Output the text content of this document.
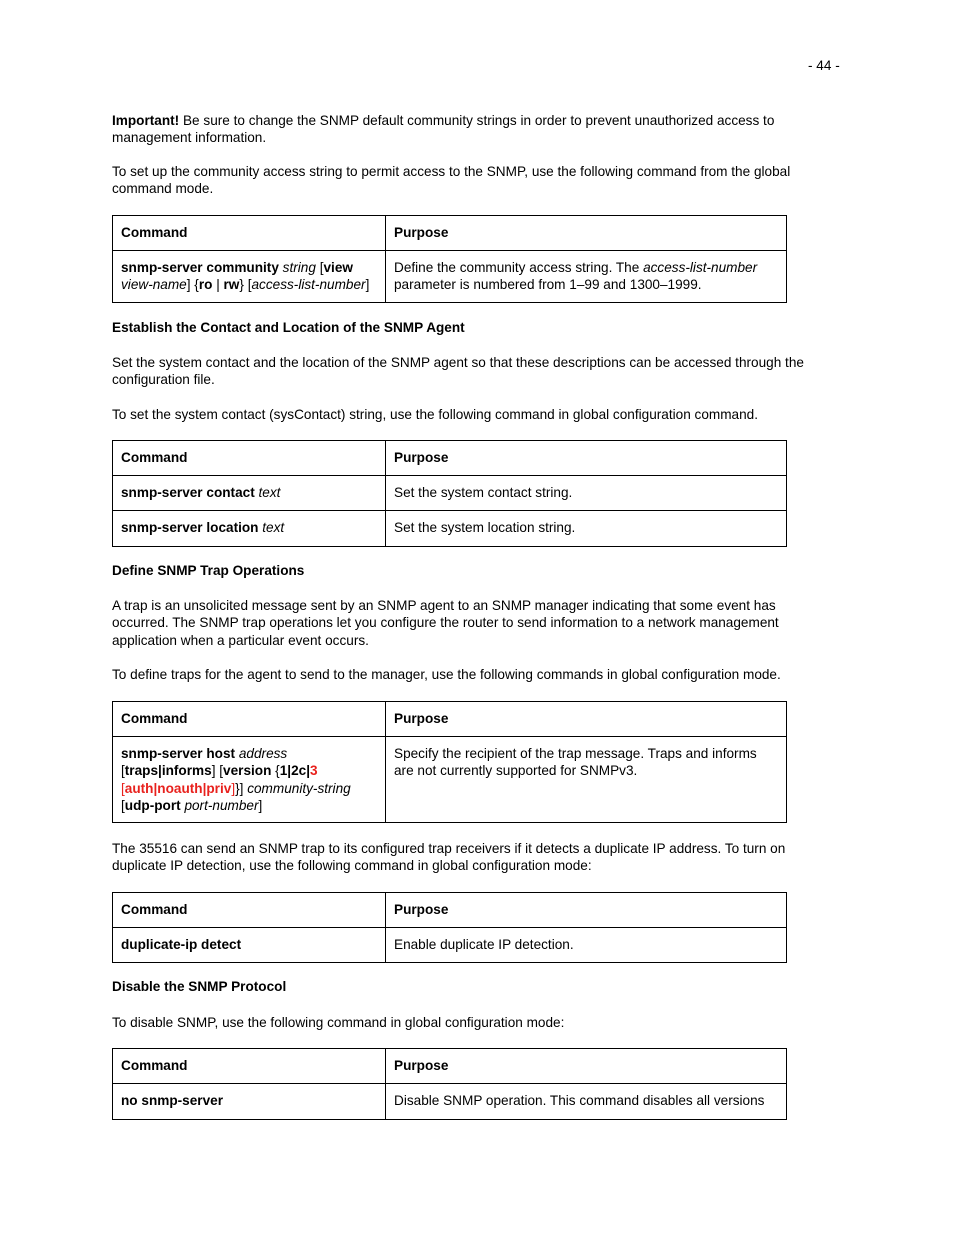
- 44 -

Important! Be sure to change the SNMP default community strings in order to prevent unauthorized access to management information.

To set up the community access string to permit access to the SNMP, use the following command from the global command mode.

Command	Purpose
snmp-server community string [view view-name] {ro | rw} [access-list-number]	Define the community access string. The access-list-number parameter is numbered from 1–99 and 1300–1999.

Establish the Contact and Location of the SNMP Agent

Set the system contact and the location of the SNMP agent so that these descriptions can be accessed through the configuration file.

To set the system contact (sysContact) string, use the following command in global configuration command.

Command	Purpose
snmp-server contact text	Set the system contact string.
snmp-server location text	Set the system location string.

Define SNMP Trap Operations

A trap is an unsolicited message sent by an SNMP agent to an SNMP manager indicating that some event has occurred. The SNMP trap operations let you configure the router to send information to a network management application when a particular event occurs.

To define traps for the agent to send to the manager, use the following commands in global configuration mode.

Command	Purpose
snmp-server host address
[traps|informs] [version {1|2c|3
[auth|noauth|priv]}] community-string
[udp-port port-number]	Specify the recipient of the trap message. Traps and informs are not currently supported for SNMPv3.

The 35516 can send an SNMP trap to its configured trap receivers if it detects a duplicate IP address. To turn on duplicate IP detection, use the following command in global configuration mode:

Command	Purpose
duplicate-ip detect	Enable duplicate IP detection.

Disable the SNMP Protocol

To disable SNMP, use the following command in global configuration mode:

Command	Purpose
no snmp-server	Disable SNMP operation. This command disables all versions
